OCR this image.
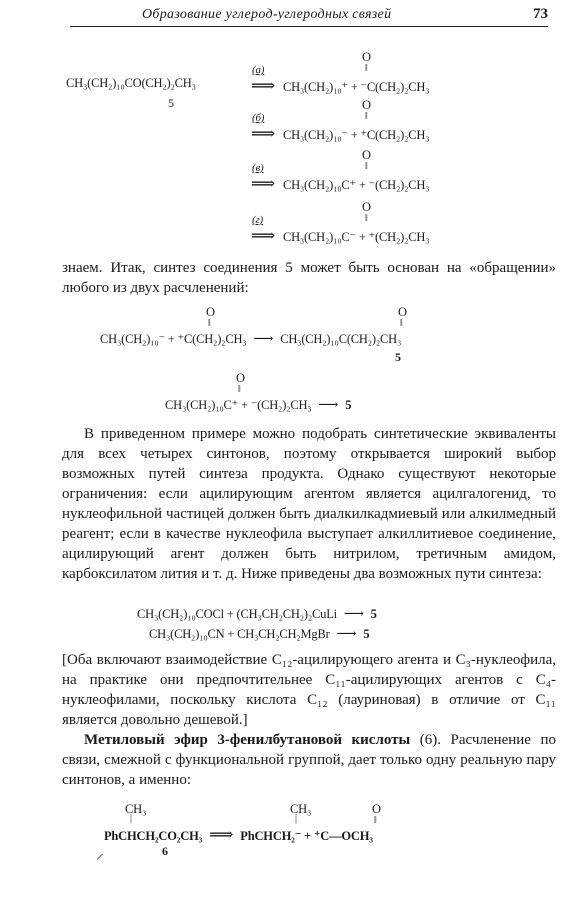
Образование углерод-углеродных связей	73
CH₃(CH₂)₁₀CO(CH₂)₂CH₃
5
(а)
⟹ CH₃(CH₂)₁₀⁺ + ⁻C(CH₂)₂CH₃
O
‖
(б)
⟹ CH₃(CH₂)₁₀⁻ + ⁺C(CH₂)₂CH₃
O
‖
(в)
⟹ CH₃(CH₂)₁₀C⁺ + ⁻(CH₂)₂CH₃
O
‖
(г)
⟹ CH₃(CH₂)₁₀C⁻ + ⁺(CH₂)₂CH₃
O
‖

знаем. Итак, синтез соединения 5 может быть основан на «обращении» любого из двух расчленений:

O
‖
O
‖
CH₃(CH₂)₁₀⁻ + ⁺C(CH₂)₂CH₃ ⟶ CH₃(CH₂)₁₀C(CH₂)₂CH₃
5
O
‖
CH₃(CH₂)₁₀C⁺ + ⁻(CH₂)₂CH₃ ⟶ 5

В приведенном примере можно подобрать синтетические эквиваленты для всех четырех синтонов, поэтому открывается широкий выбор возможных путей синтеза продукта. Однако существуют некоторые ограничения: если ацилирующим агентом является ацилгалогенид, то нуклеофильной частицей должен быть диалкилкадмиевый или алкилмедный реагент; если в качестве нуклеофила выступает алкиллитиевое соединение, ацилирующий агент должен быть нитрилом, третичным амидом, карбоксилатом лития и т. д. Ниже приведены два возможных пути синтеза:

CH₃(CH₂)₁₀COCl + (CH₃CH₂CH₂)₂CuLi ⟶ 5
CH₃(CH₂)₁₀CN + CH₃CH₂CH₂MgBr ⟶ 5

[Оба включают взаимодействие C₁₂-ацилирующего агента и C₃-нуклеофила, на практике они предпочтительнее C₁₁-ацилирующих агентов с C₄-нуклеофилами, поскольку кислота C₁₂ (лауриновая) в отличие от C₁₁ является довольно дешевой.]

Метиловый эфир 3-фенилбутановой кислоты (6). Расчленение по связи, смежной с функциональной группой, дает только одну реальную пару синтонов, а именно:

CH₃
|
CH₃
|
O
‖
PhCHCH₂CO₂CH₃ ⟹ PhCHCH₂⁻ + ⁺C—OCH₃
6
⸍
